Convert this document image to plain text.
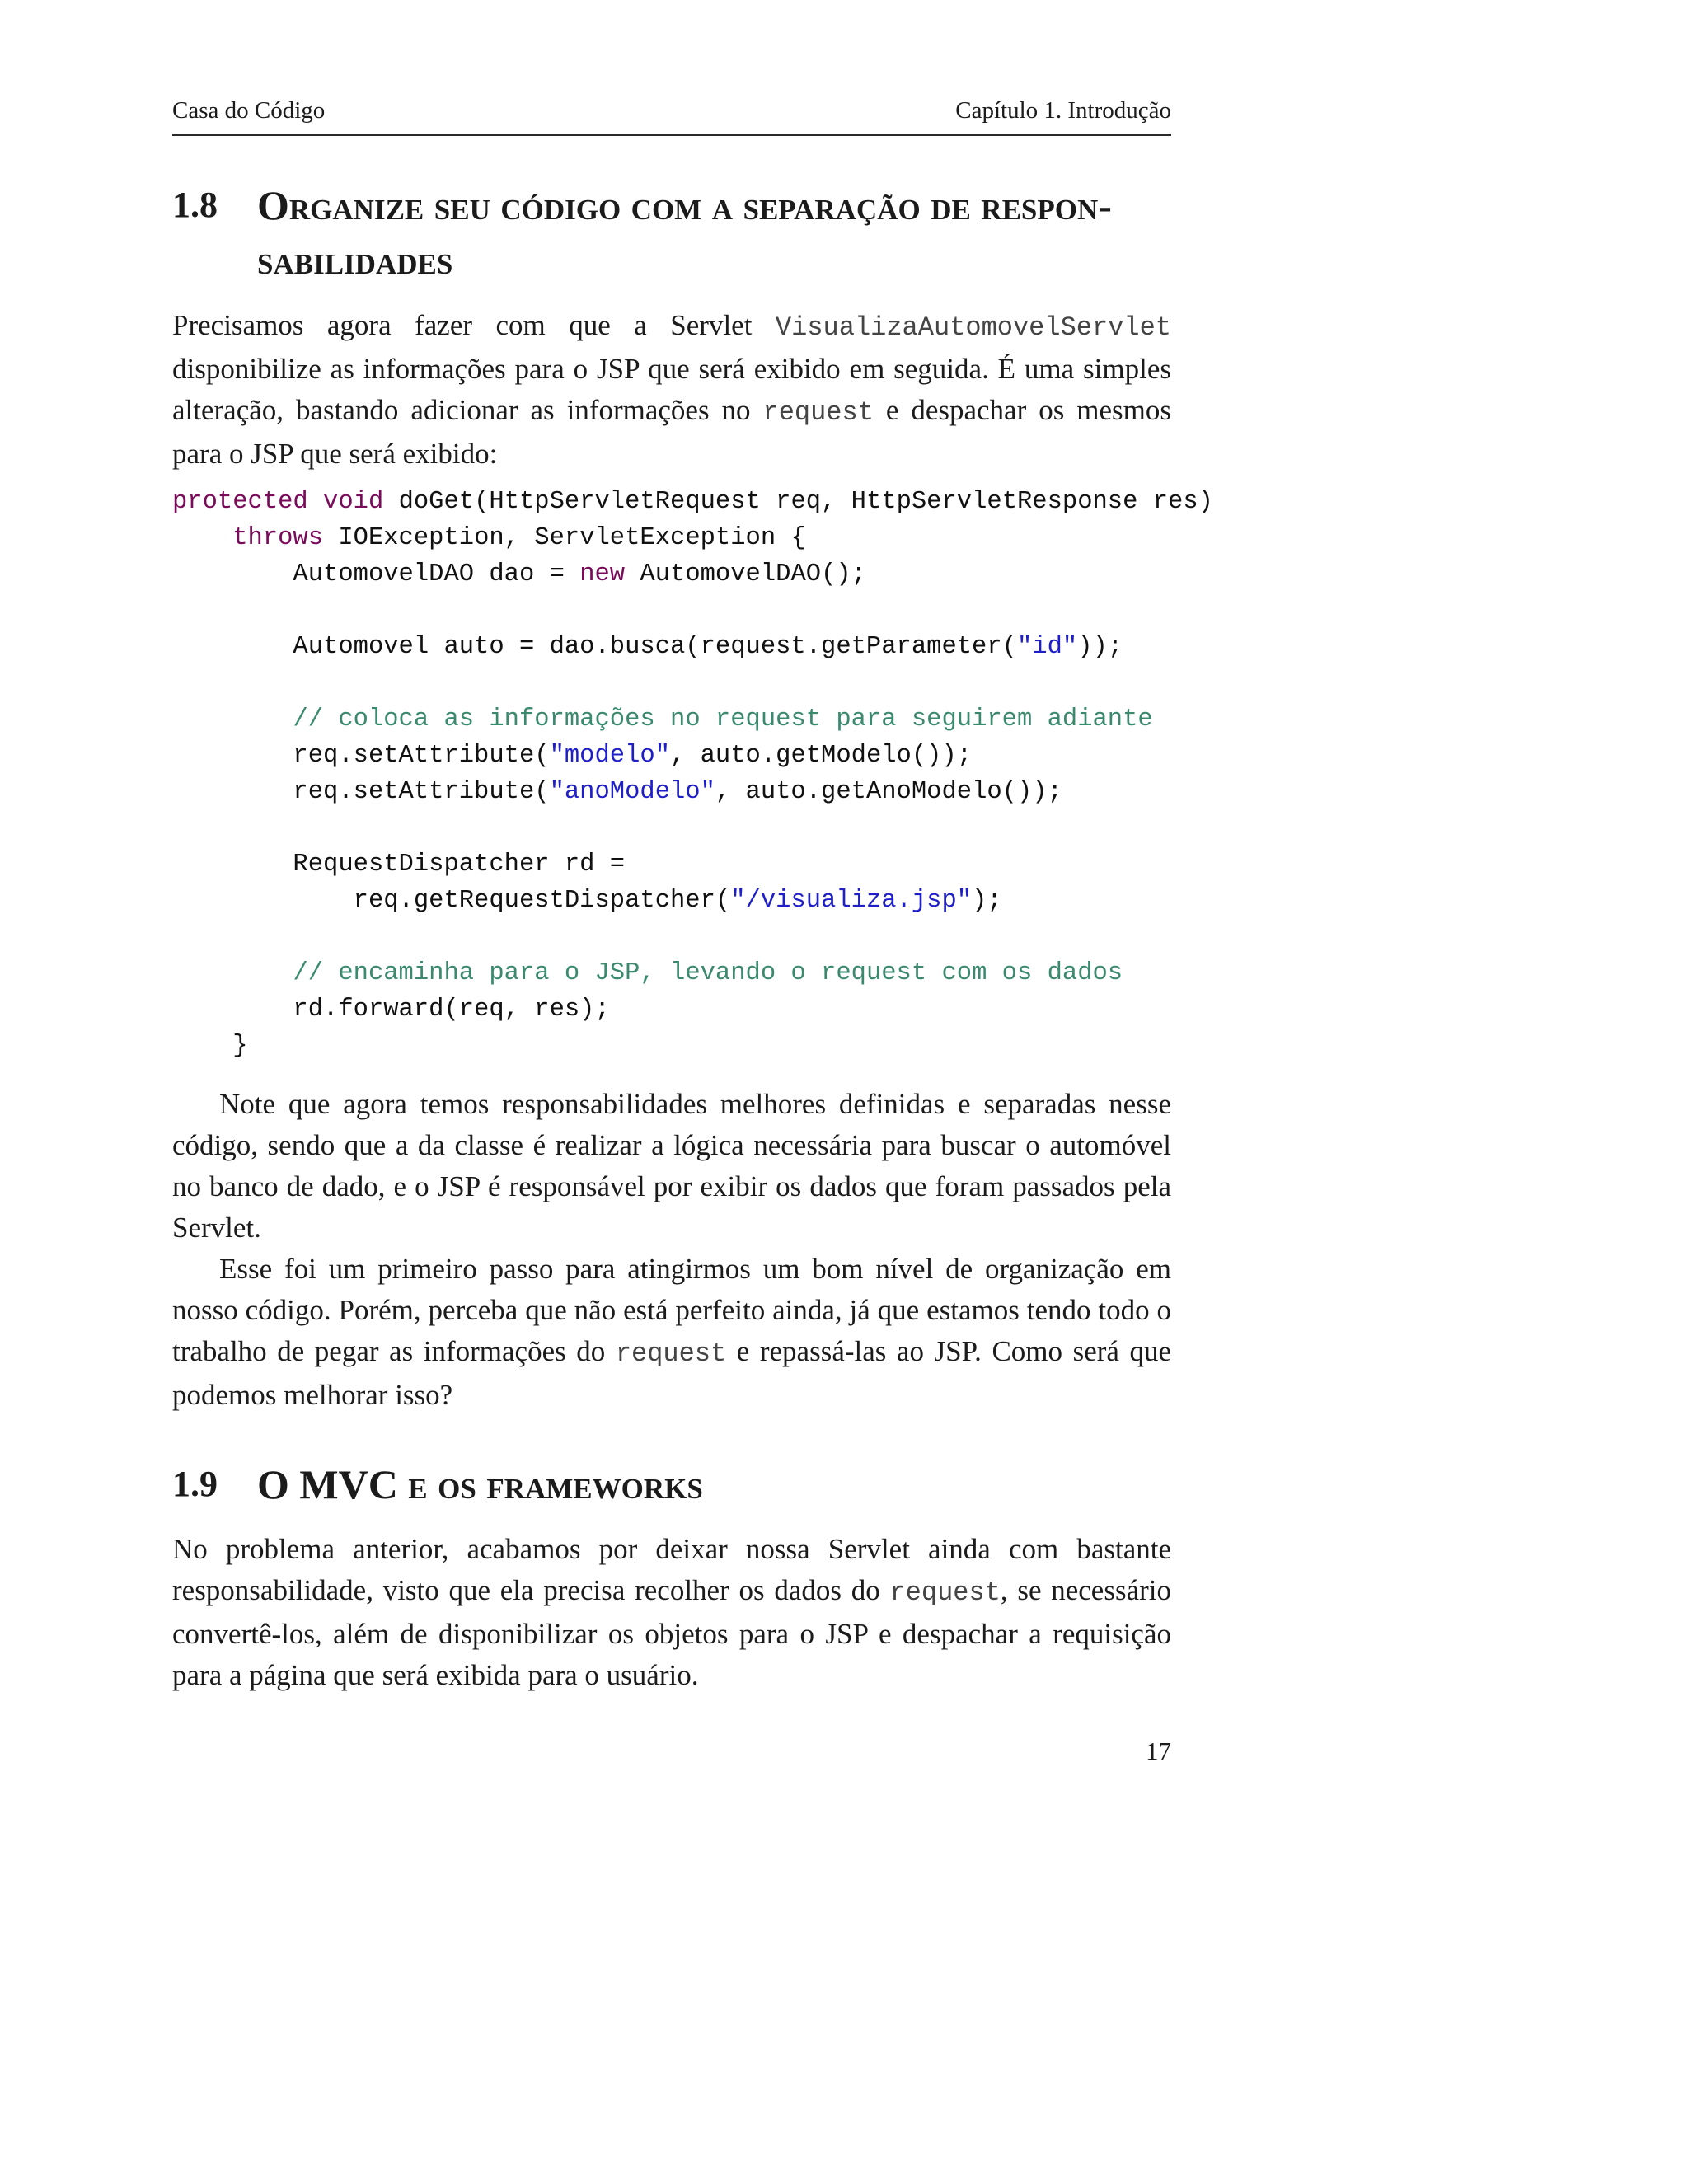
Casa do Código	Capítulo 1. Introdução
1.8 Organize seu código com a separação de respon-
sabilidades

Precisamos agora fazer com que a Servlet VisualizaAutomovelServlet disponibilize as informações para o JSP que será exibido em seguida. É uma simples alteração, bastando adicionar as informações no request e despachar os mesmos para o JSP que será exibido:

protected void doGet(HttpServletRequest req, HttpServletResponse res)
throws IOException, ServletException {
AutomovelDAO dao = new AutomovelDAO();
Automovel auto = dao.busca(request.getParameter("id"));
// coloca as informações no request para seguirem adiante
req.setAttribute("modelo", auto.getModelo());
req.setAttribute("anoModelo", auto.getAnoModelo());
RequestDispatcher rd =
req.getRequestDispatcher("/visualiza.jsp");
// encaminha para o JSP, levando o request com os dados
rd.forward(req, res);
}

Note que agora temos responsabilidades melhores definidas e separadas nesse código, sendo que a da classe é realizar a lógica necessária para buscar o automóvel no banco de dado, e o JSP é responsável por exibir os dados que foram passados pela Servlet.

Esse foi um primeiro passo para atingirmos um bom nível de organização em nosso código. Porém, perceba que não está perfeito ainda, já que estamos tendo todo o trabalho de pegar as informações do request e repassá-las ao JSP. Como será que podemos melhorar isso?

1.9 O MVC e os frameworks

No problema anterior, acabamos por deixar nossa Servlet ainda com bastante responsabilidade, visto que ela precisa recolher os dados do request, se necessário convertê-los, além de disponibilizar os objetos para o JSP e despachar a requisição para a página que será exibida para o usuário.

17
